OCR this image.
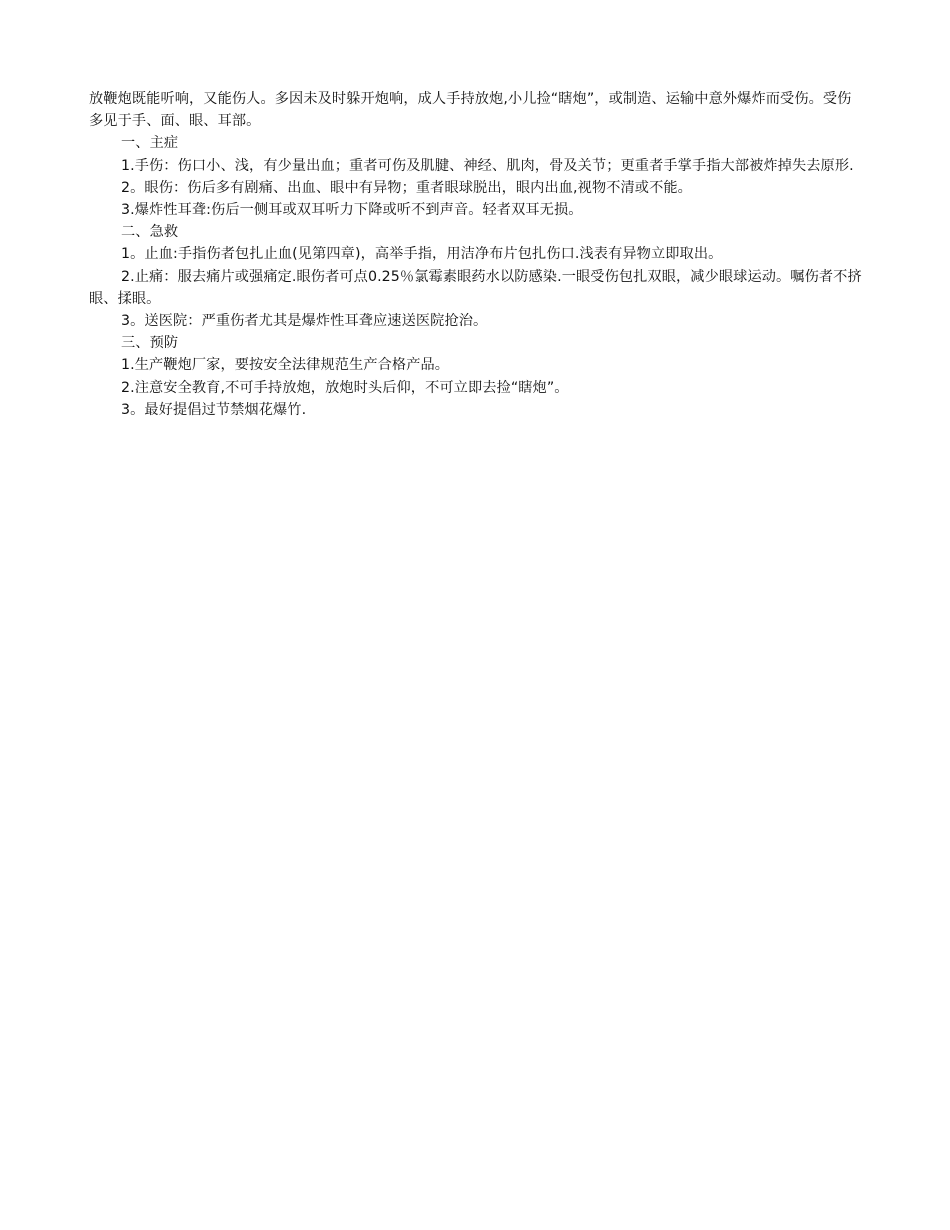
放鞭炮既能听响，又能伤人。多因未及时躲开炮响，成人手持放炮,小儿捡“瞎炮”，或制造、运输中意外爆炸而受伤。受伤多见于手、面、眼、耳部。

一、主症

1.手伤：伤口小、浅，有少量出血；重者可伤及肌腱、神经、肌肉，骨及关节；更重者手掌手指大部被炸掉失去原形.

2。眼伤：伤后多有剧痛、出血、眼中有异物；重者眼球脱出，眼内出血,视物不清或不能。

3.爆炸性耳聋:伤后一侧耳或双耳听力下降或听不到声音。轻者双耳无损。

二、急救

1。止血:手指伤者包扎止血(见第四章)，高举手指，用洁净布片包扎伤口.浅表有异物立即取出。

2.止痛：服去痛片或强痛定.眼伤者可点0.25％氯霉素眼药水以防感染.一眼受伤包扎双眼，减少眼球运动。嘱伤者不挤眼、揉眼。

3。送医院：严重伤者尤其是爆炸性耳聋应速送医院抢治。

三、预防

1.生产鞭炮厂家，要按安全法律规范生产合格产品。

2.注意安全教育,不可手持放炮，放炮时头后仰，不可立即去捡“瞎炮”。

3。最好提倡过节禁烟花爆竹.
